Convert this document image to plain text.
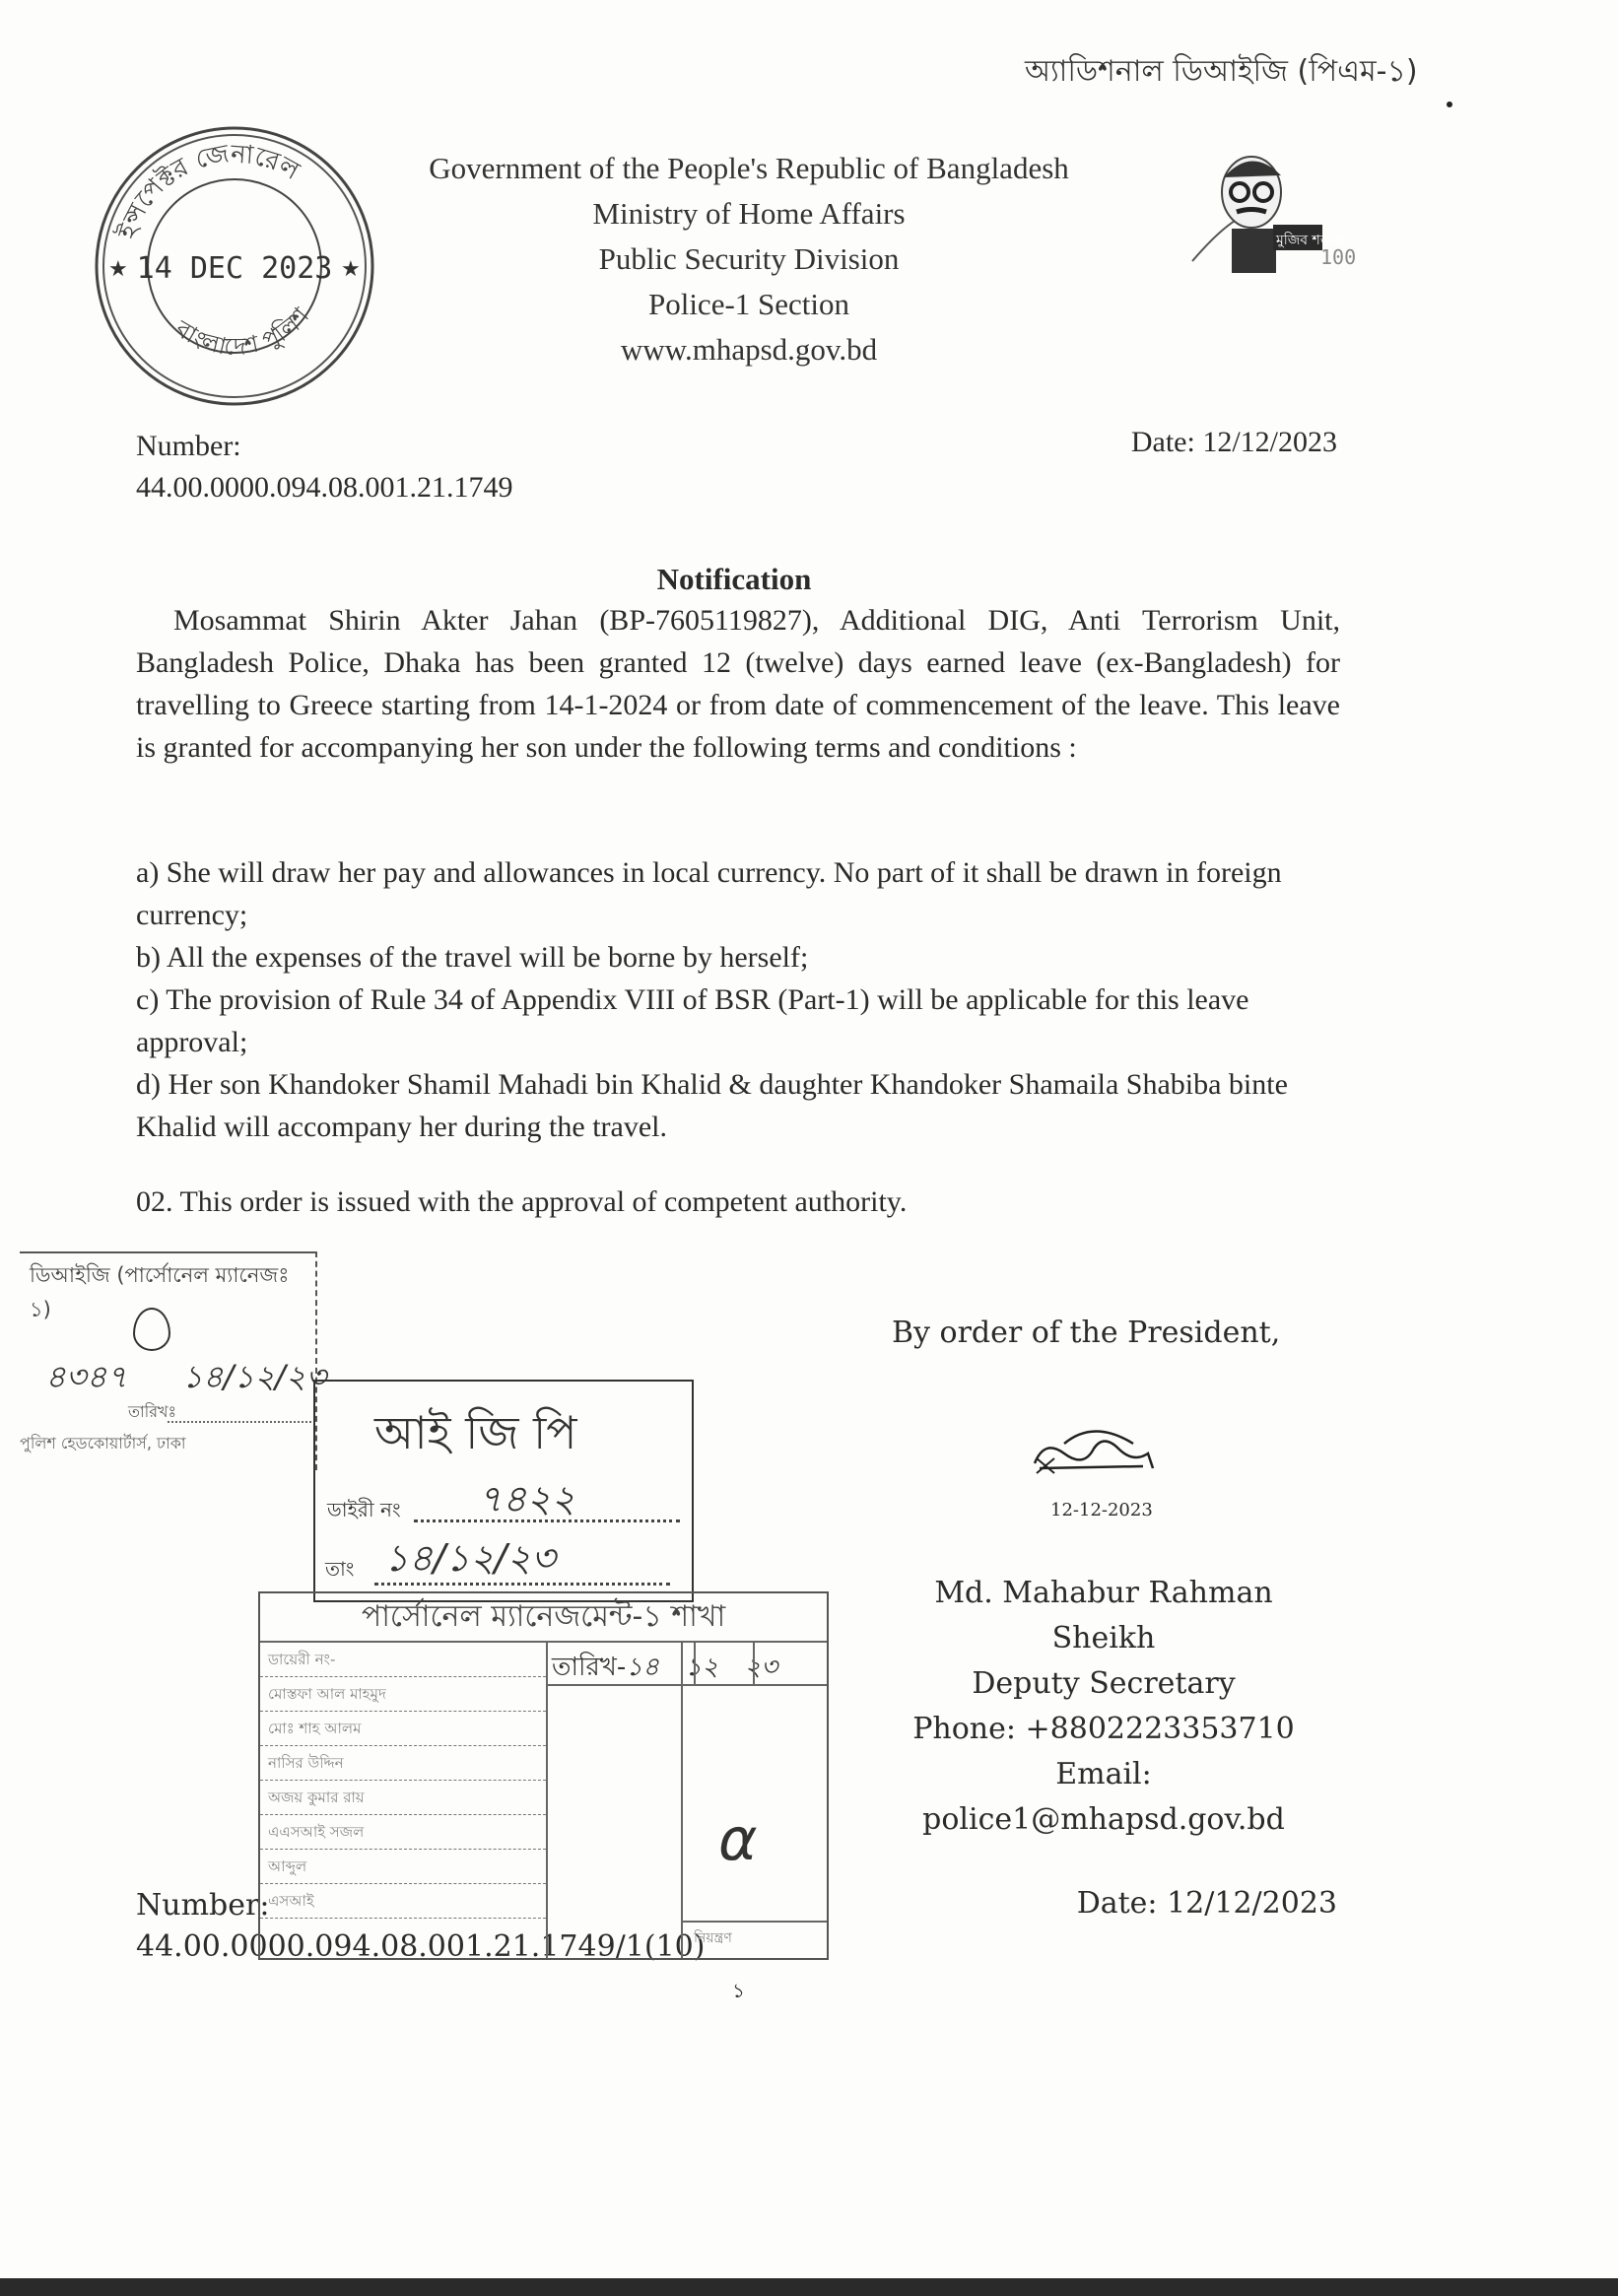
অ্যাডিশনাল ডিআইজি (পিএম-১)
ইন্সপেক্টর জেনারেল
বাংলাদেশ পুলিশ
14 DEC 2023
★	★
Government of the People's Republic of Bangladesh
Ministry of Home Affairs
Public Security Division
Police-1 Section
www.mhapsd.gov.bd
মুজিব শতবর্ষ
100
Number:
44.00.0000.094.08.001.21.1749
Date: 12/12/2023
Notification
Mosammat Shirin Akter Jahan (BP-7605119827), Additional DIG, Anti Terrorism Unit, Bangladesh Police, Dhaka has been granted 12 (twelve) days earned leave (ex-Bangladesh) for travelling to Greece starting from 14-1-2024 or from date of commencement of the leave. This leave is granted for accompanying her son under the following terms and conditions :

a) She will draw her pay and allowances in local currency. No part of it shall be drawn in foreign currency;

b) All the expenses of the travel will be borne by herself;

c) The provision of Rule 34 of Appendix VIII of BSR (Part-1) will be applicable for this leave approval;

d) Her son Khandoker Shamil Mahadi bin Khalid & daughter Khandoker Shamaila Shabiba binte Khalid will accompany her during the travel.

02. This order is issued with the approval of competent authority.
By order of the President,
12-12-2023
Md. Mahabur Rahman
Sheikh
Deputy Secretary
Phone: +8802223353710
Email:
police1@mhapsd.gov.bd
Date: 12/12/2023
Number:
44.00.0000.094.08.001.21.1749/1(10)
১
ডিআইজি (পার্সোনেল ম্যানেজঃ ১)
৪৩৪৭ ১৪/১২/২৩
তারিখঃ
পুলিশ হেডকোয়ার্টার্স, ঢাকা	আই জি পি
ডাইরী নং ৭৪২২
তাং ১৪/১২/২৩
পার্সোনেল ম্যানেজমেন্ট-১ শাখা
ডায়েরী নং-
মোস্তফা আল মাহমুদ
মোঃ শাহ আলম
নাসির উদ্দিন
অজয় কুমার রায়
এএসআই সজল
আব্দুল
এসআই
তারিখ-১৪ ১২ ২৩
α
নিয়ন্ত্রণ
